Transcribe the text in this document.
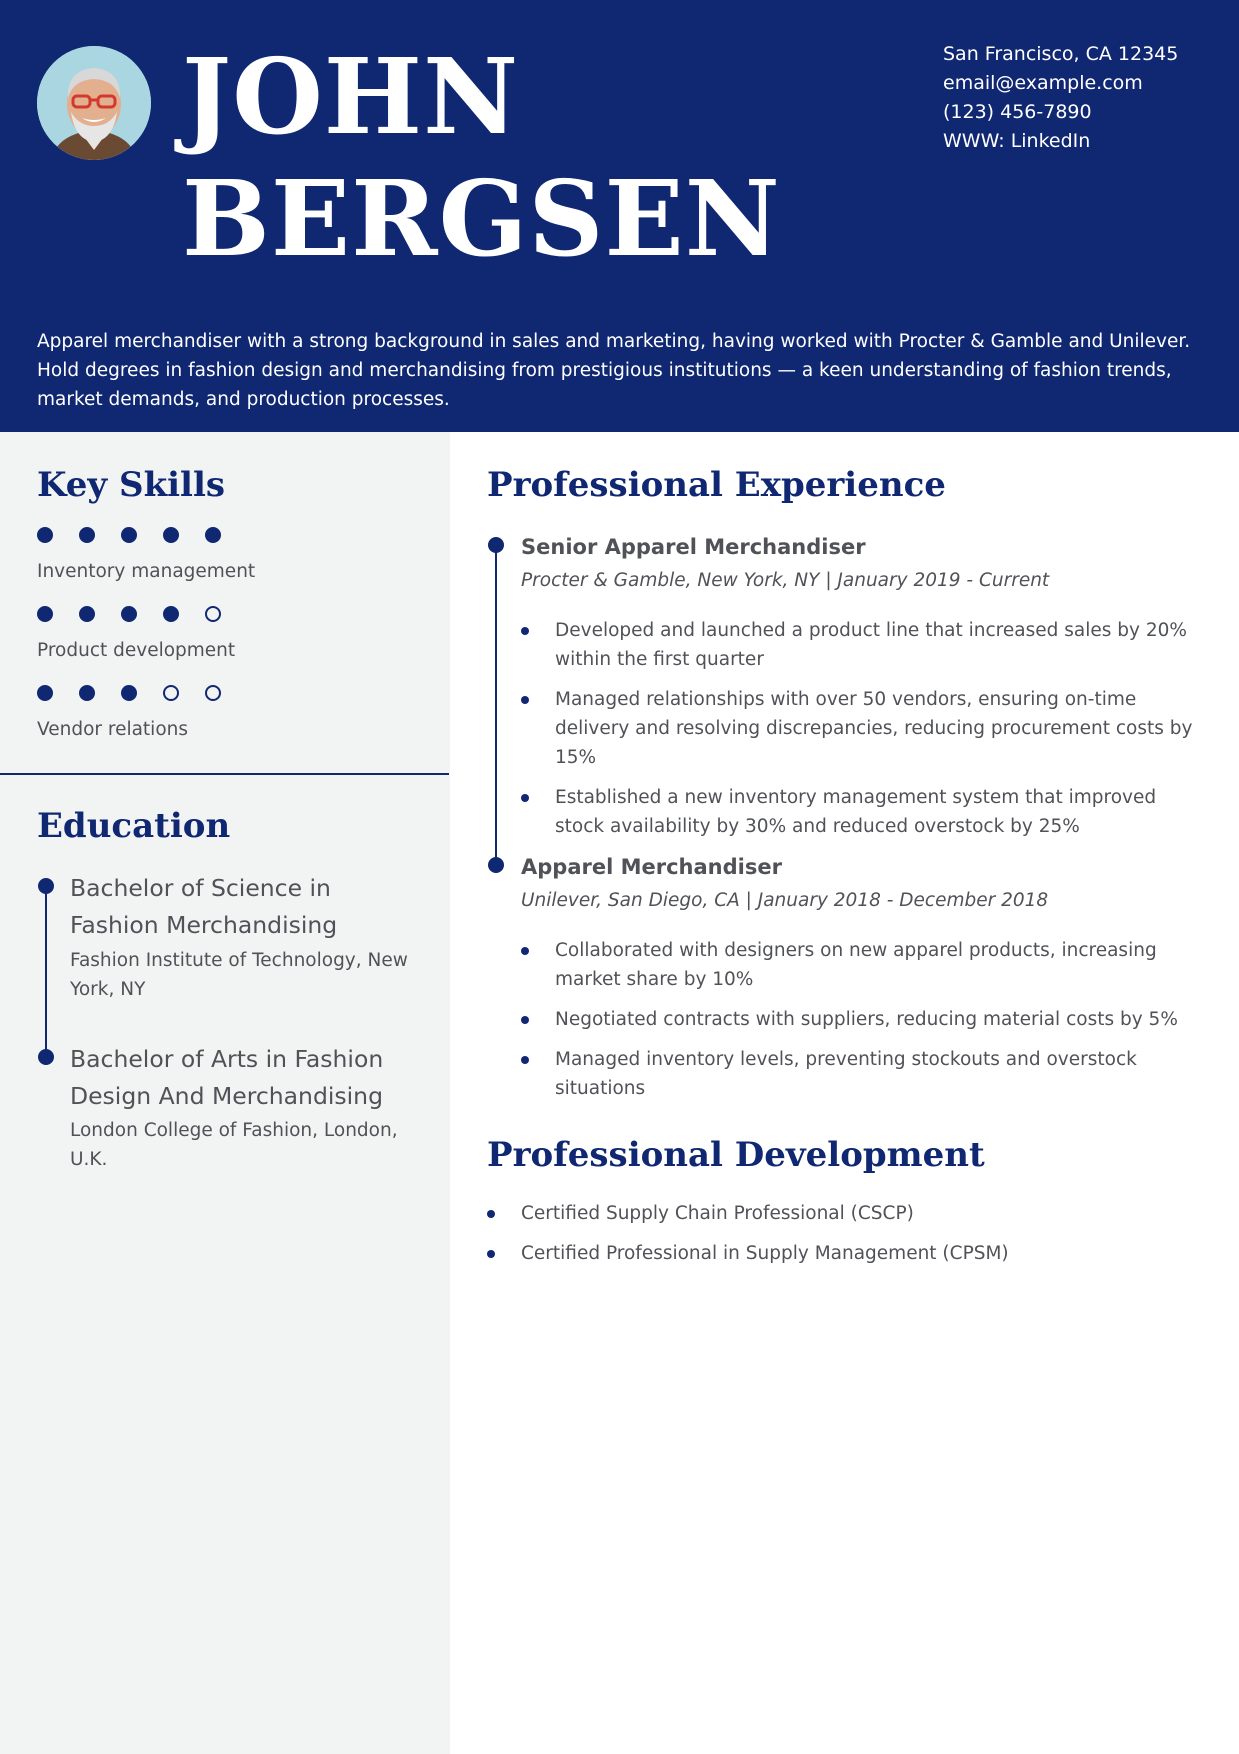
JOHN
BERGSEN
San Francisco, CA 12345
email@example.com
(123) 456-7890
WWW: LinkedIn

Apparel merchandiser with a strong background in sales and marketing, having worked with Procter & Gamble and Unilever. Hold degrees in fashion design and merchandising from prestigious institutions — a keen understanding of fashion trends, market demands, and production processes.

Key Skills
Inventory management
Product development
Vendor relations
Education
Bachelor of Science in Fashion Merchandising
Fashion Institute of Technology, New York, NY
Bachelor of Arts in Fashion Design And Merchandising
London College of Fashion, London, U.K.
Professional Experience
Senior Apparel Merchandiser
Procter & Gamble, New York, NY | January 2019 - Current
Developed and launched a product line that increased sales by 20% within the first quarter
Managed relationships with over 50 vendors, ensuring on-time delivery and resolving discrepancies, reducing procurement costs by 15%
Established a new inventory management system that improved stock availability by 30% and reduced overstock by 25%
Apparel Merchandiser
Unilever, San Diego, CA | January 2018 - December 2018
Collaborated with designers on new apparel products, increasing market share by 10%
Negotiated contracts with suppliers, reducing material costs by 5%
Managed inventory levels, preventing stockouts and overstock situations
Professional Development
Certified Supply Chain Professional (CSCP)
Certified Professional in Supply Management (CPSM)
